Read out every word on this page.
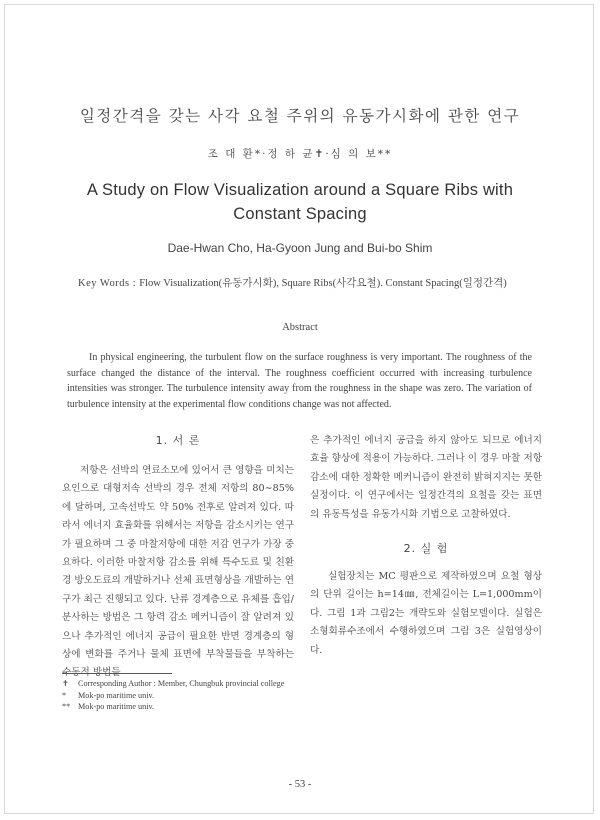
일정간격을 갖는 사각 요철 주위의 유동가시화에 관한 연구
조 대 환*·정 하 균✝·심 의 보**
A Study on Flow Visualization around a Square Ribs with
Constant Spacing
Dae-Hwan Cho, Ha-Gyoon Jung and Bui-bo Shim
Key Words : Flow Visualization(유동가시화), Square Ribs(사각요철). Constant Spacing(일정간격)
Abstract

In physical engineering, the turbulent flow on the surface roughness is very important. The roughness of the surface changed the distance of the interval. The roughness coefficient occurred with increasing turbulence intensities was stronger. The turbulence intensity away from the roughness in the shape was zero. The variation of turbulence intensity at the experimental flow conditions change was not affected.

1. 서 론

저항은 선박의 연료소모에 있어서 큰 영향을 미치는 요인으로 대형저속 선박의 경우 전체 저항의 80∼85%에 달하며, 고속선박도 약 50% 전후로 알려져 있다. 따라서 에너지 효율화를 위해서는 저항을 감소시키는 연구가 필요하며 그 중 마찰저항에 대한 저감 연구가 가장 중요하다. 이러한 마찰저항 감소를 위해 특수도료 및 친환경 방오도료의 개발하거나 선체 표면형상을 개발하는 연구가 최근 진행되고 있다. 난류 경계층으로 유체를 흡입/분사하는 방법은 그 항력 감소 메커니즘이 잘 알려져 있으나 추가적인 에너지 공급이 필요한 반면 경계층의 형상에 변화를 주거나 물체 표면에 부착물들을 부착하는 수동적 방법들

은 추가적인 에너지 공급을 하지 않아도 되므로 에너지 효율 향상에 적용이 가능하다. 그러나 이 경우 마찰 저항 감소에 대한 정확한 메커니즘이 완전히 밝혀지지는 못한 실정이다. 이 연구에서는 일정간격의 요철을 갖는 표면의 유동특성을 유동가시화 기법으로 고찰하였다.

2. 실 험

실험장치는 MC 평판으로 제작하였으며 요철 형상의 단위 길이는 h=14㎜, 전체길이는 L=1,000mm이다. 그림 1과 그림2는 개략도와 실험모델이다. 실험은 소형회류수조에서 수행하였으며 그림 3은 실험영상이다.

✝	Corresponding Author : Member, Chungbuk provincial college
*	Mok-po maritime univ.
** Mok-po maritime univ.
- 53 -
